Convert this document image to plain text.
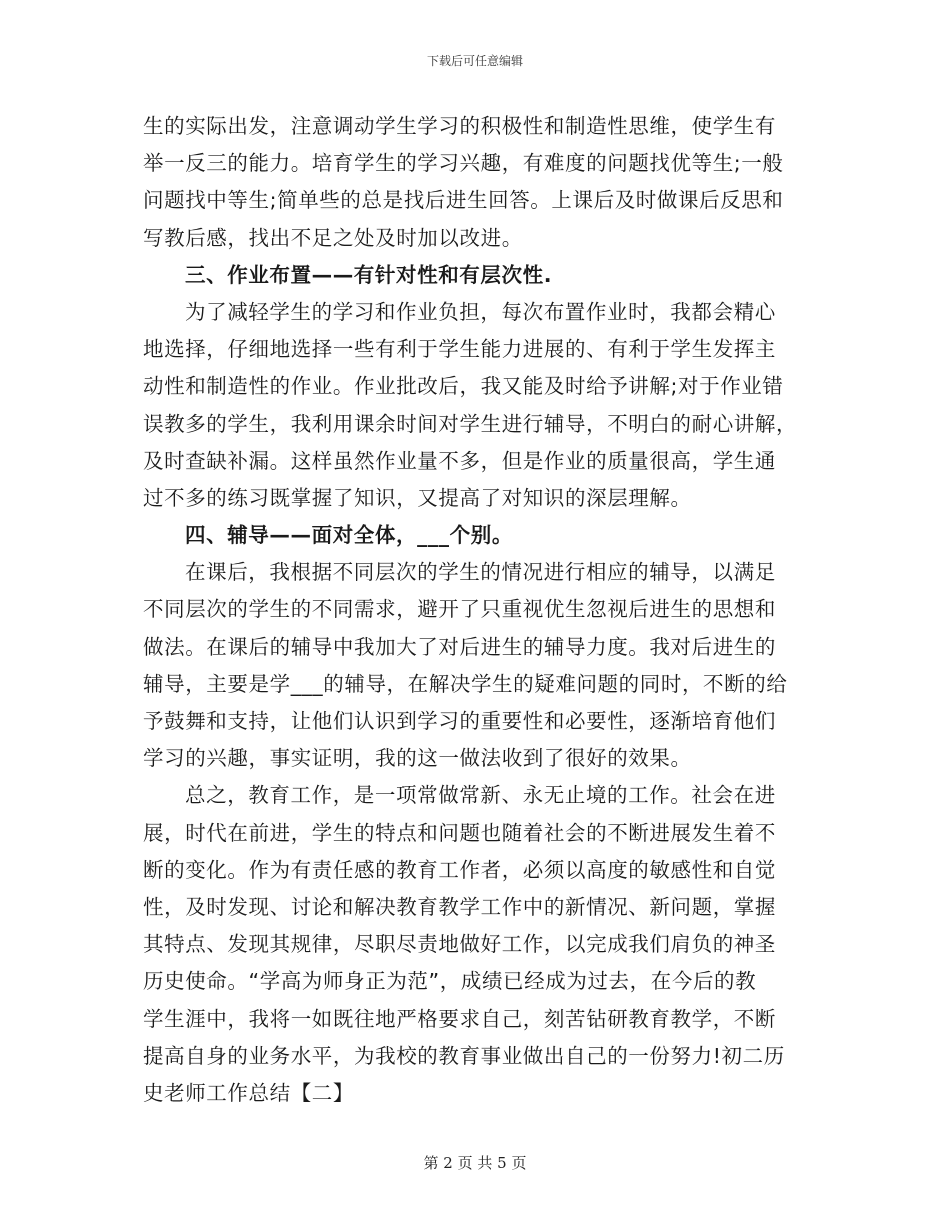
下载后可任意编辑
生的实际出发，注意调动学生学习的积极性和制造性思维，使学生有
举一反三的能力。培育学生的学习兴趣，有难度的问题找优等生;一般
问题找中等生;简单些的总是找后进生回答。上课后及时做课后反思和
写教后感，找出不足之处及时加以改进。
三、作业布置——有针对性和有层次性.
为了减轻学生的学习和作业负担，每次布置作业时，我都会精心
地选择，仔细地选择一些有利于学生能力进展的、有利于学生发挥主
动性和制造性的作业。作业批改后，我又能及时给予讲解;对于作业错
误教多的学生，我利用课余时间对学生进行辅导，不明白的耐心讲解，
及时查缺补漏。这样虽然作业量不多，但是作业的质量很高，学生通
过不多的练习既掌握了知识，又提高了对知识的深层理解。
四、辅导——面对全体，___个别。
在课后，我根据不同层次的学生的情况进行相应的辅导，以满足
不同层次的学生的不同需求，避开了只重视优生忽视后进生的思想和
做法。在课后的辅导中我加大了对后进生的辅导力度。我对后进生的
辅导，主要是学___的辅导，在解决学生的疑难问题的同时，不断的给
予鼓舞和支持，让他们认识到学习的重要性和必要性，逐渐培育他们
学习的兴趣，事实证明，我的这一做法收到了很好的效果。
总之，教育工作，是一项常做常新、永无止境的工作。社会在进
展，时代在前进，学生的特点和问题也随着社会的不断进展发生着不
断的变化。作为有责任感的教育工作者，必须以高度的敏感性和自觉
性，及时发现、讨论和解决教育教学工作中的新情况、新问题，掌握
其特点、发现其规律，尽职尽责地做好工作，以完成我们肩负的神圣
历史使命。“学高为师身正为范”，成绩已经成为过去，在今后的教
学生涯中，我将一如既往地严格要求自己，刻苦钻研教育教学，不断
提高自身的业务水平，为我校的教育事业做出自己的一份努力!初二历
史老师工作总结【二】
第 2 页 共 5 页
